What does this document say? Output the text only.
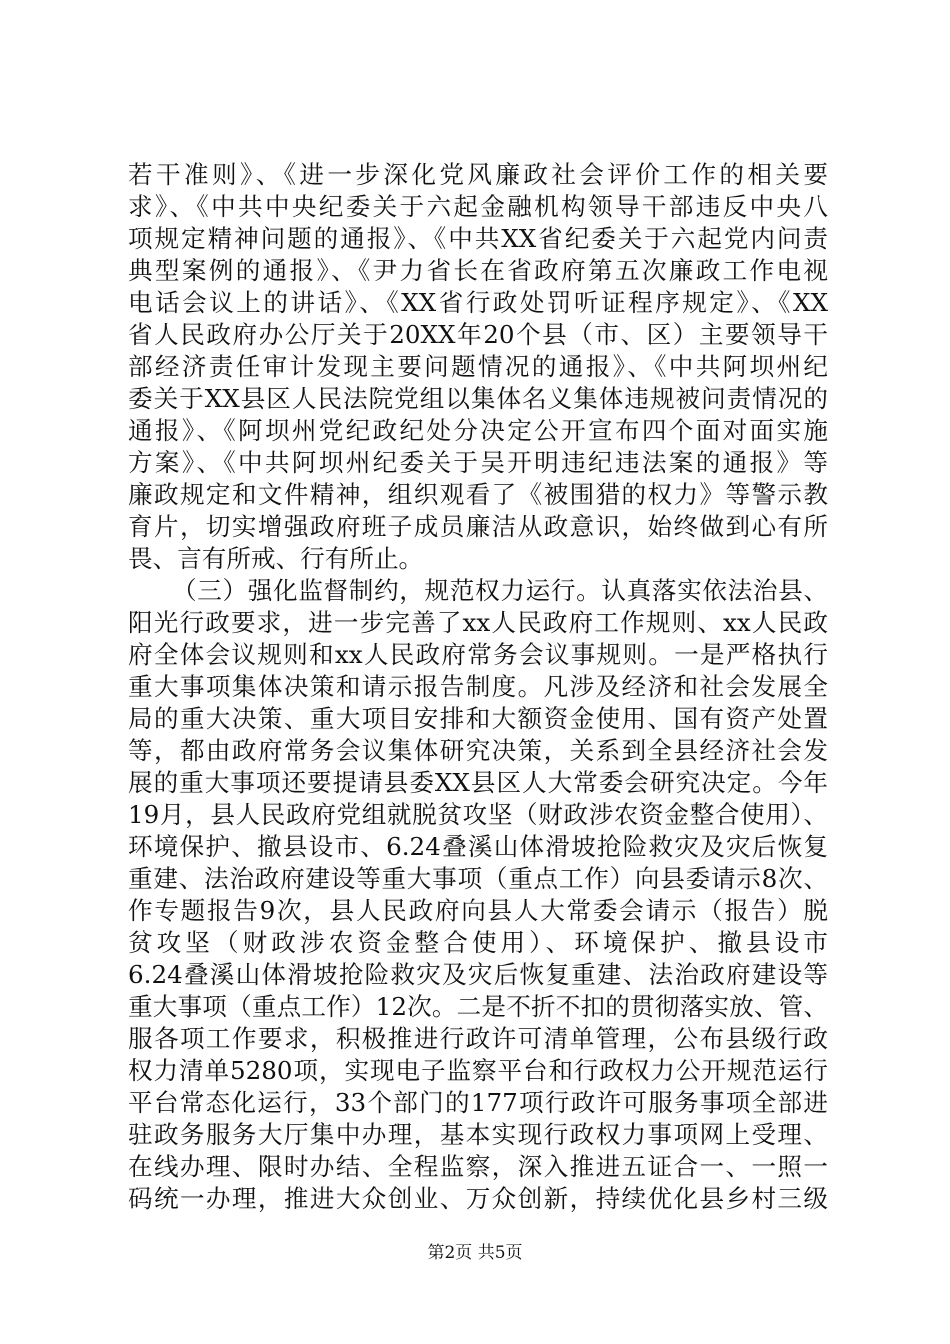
若干准则》、《进一步深化党风廉政社会评价工作的相关要
求》、《中共中央纪委关于六起金融机构领导干部违反中央八
项规定精神问题的通报》、《中共XX省纪委关于六起党内问责
典型案例的通报》、《尹力省长在省政府第五次廉政工作电视
电话会议上的讲话》、《XX省行政处罚听证程序规定》、《XX
省人民政府办公厅关于20XX年20个县（市、区）主要领导干
部经济责任审计发现主要问题情况的通报》、《中共阿坝州纪
委关于XX县区人民法院党组以集体名义集体违规被问责情况的
通报》、《阿坝州党纪政纪处分决定公开宣布四个面对面实施
方案》、《中共阿坝州纪委关于吴开明违纪违法案的通报》等
廉政规定和文件精神，组织观看了《被围猎的权力》等警示教
育片，切实增强政府班子成员廉洁从政意识，始终做到心有所
畏、言有所戒、行有所止。
（三）强化监督制约，规范权力运行。认真落实依法治县、
阳光行政要求，进一步完善了xx人民政府工作规则、xx人民政
府全体会议规则和xx人民政府常务会议事规则。一是严格执行
重大事项集体决策和请示报告制度。凡涉及经济和社会发展全
局的重大决策、重大项目安排和大额资金使用、国有资产处置
等，都由政府常务会议集体研究决策，关系到全县经济社会发
展的重大事项还要提请县委XX县区人大常委会研究决定。今年
19月，县人民政府党组就脱贫攻坚（财政涉农资金整合使用）、
环境保护、撤县设市、6.24叠溪山体滑坡抢险救灾及灾后恢复
重建、法治政府建设等重大事项（重点工作）向县委请示8次、
作专题报告9次，县人民政府向县人大常委会请示（报告）脱
贫攻坚（财政涉农资金整合使用）、环境保护、撤县设市
6.24叠溪山体滑坡抢险救灾及灾后恢复重建、法治政府建设等
重大事项（重点工作）12次。二是不折不扣的贯彻落实放、管、
服各项工作要求，积极推进行政许可清单管理，公布县级行政
权力清单5280项，实现电子监察平台和行政权力公开规范运行
平台常态化运行，33个部门的177项行政许可服务事项全部进
驻政务服务大厅集中办理，基本实现行政权力事项网上受理、
在线办理、限时办结、全程监察，深入推进五证合一、一照一
码统一办理，推进大众创业、万众创新，持续优化县乡村三级
第2页 共5页
